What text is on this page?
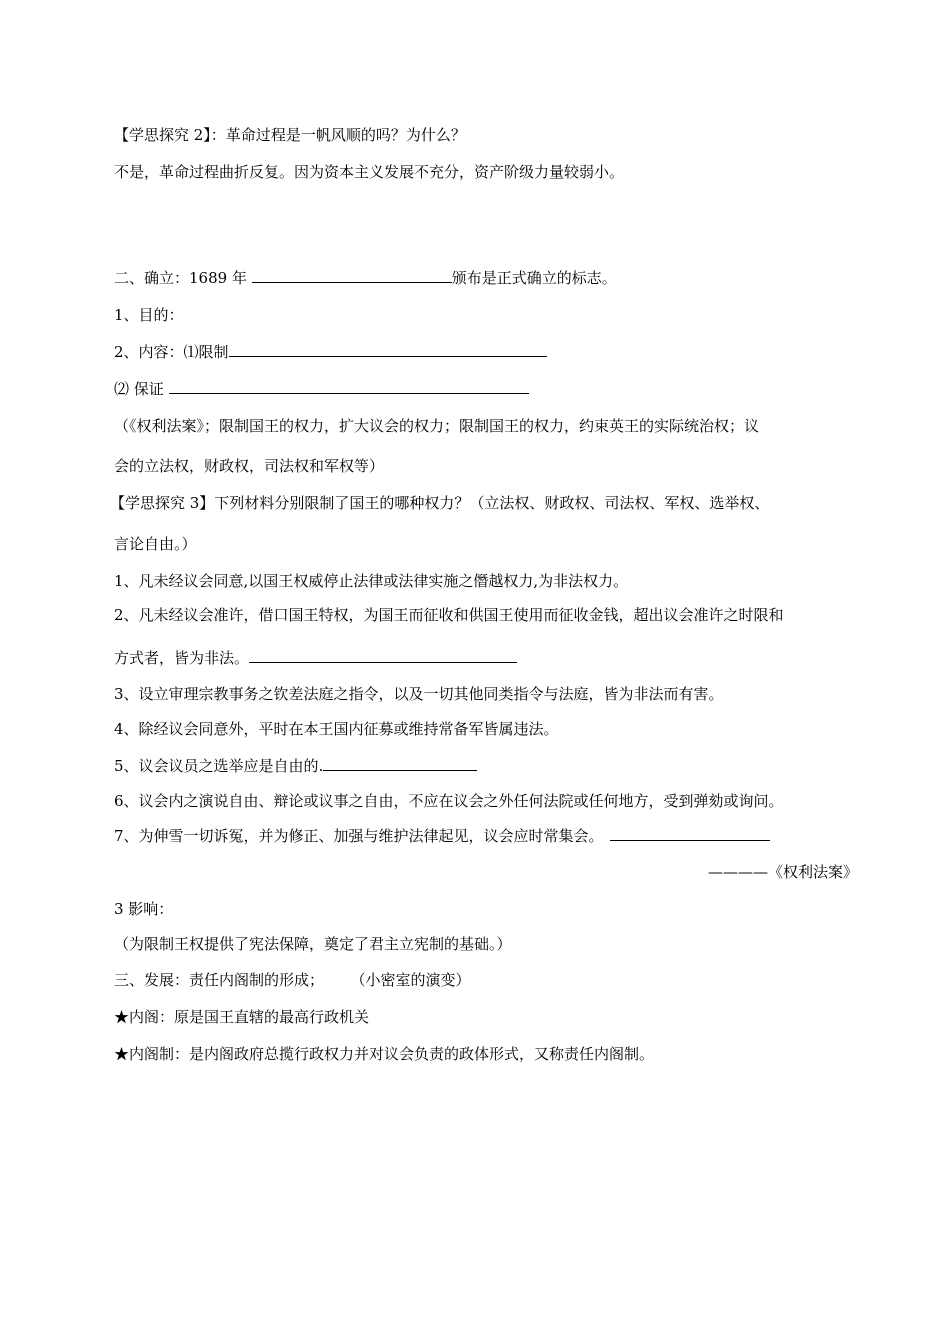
【学思探究 2】：革命过程是一帆风顺的吗？为什么？
不是，革命过程曲折反复。因为资本主义发展不充分，资产阶级力量较弱小。
二、确立：1689 年	颁布是正式确立的标志。
1、目的：
2、内容：⑴限制
⑵ 保证
（《权利法案》；限制国王的权力，扩大议会的权力；限制国王的权力，约束英王的实际统治权；议
会的立法权，财政权，司法权和军权等）
【学思探究 3】下列材料分别限制了国王的哪种权力？（立法权、财政权、司法权、军权、选举权、
言论自由。）
1、凡未经议会同意,以国王权威停止法律或法律实施之僭越权力,为非法权力。
2、凡未经议会准许，借口国王特权，为国王而征收和供国王使用而征收金钱，超出议会准许之时限和
方式者，皆为非法。
3、设立审理宗教事务之钦差法庭之指令，以及一切其他同类指令与法庭，皆为非法而有害。
4、除经议会同意外，平时在本王国内征募或维持常备军皆属违法。
5、议会议员之选举应是自由的.
6、议会内之演说自由、辩论或议事之自由，不应在议会之外任何法院或任何地方，受到弹劾或询问。
7、为伸雪一切诉冤，并为修正、加强与维护法律起见，议会应时常集会。
————《权利法案》
3 影响：
（为限制王权提供了宪法保障，奠定了君主立宪制的基础。）
三、发展：责任内阁制的形成； （小密室的演变）
★内阁：原是国王直辖的最高行政机关
★内阁制：是内阁政府总揽行政权力并对议会负责的政体形式，又称责任内阁制。
